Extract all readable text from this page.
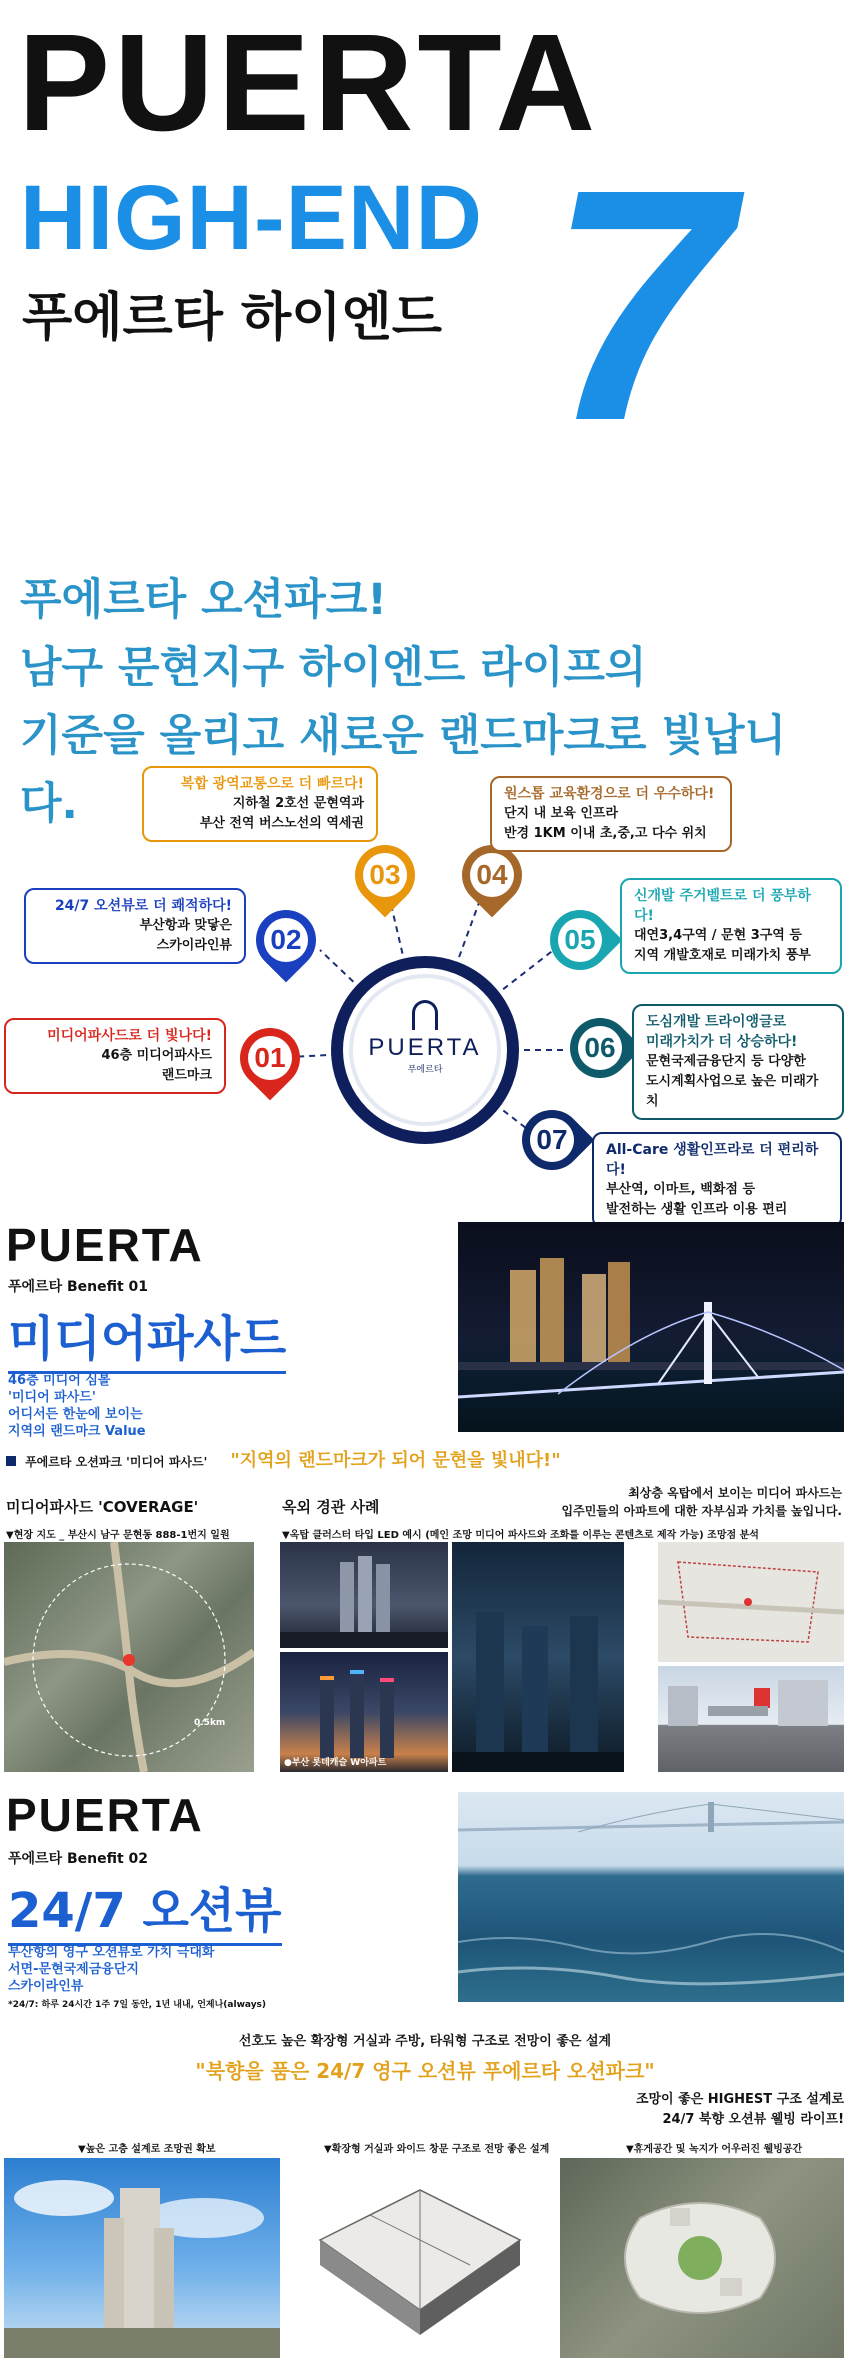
PUERTA
HIGH-END
푸에르타 하이엔드 7
푸에르타 오션파크!
남구 문현지구 하이엔드 라이프의
기준을 올리고 새로운 랜드마크로 빛납니다.
PUERTA
푸에르타
01
02
03	04
05
06
07
미디어파사드로 더 빛나다!
46층 미디어파사드
랜드마크
24/7 오션뷰로 더 쾌적하다!
부산항과 맞닿은
스카이라인뷰
복합 광역교통으로 더 빠르다!
지하철 2호선 문현역과
부산 전역 버스노선의 역세권
원스톱 교육환경으로 더 우수하다!
단지 내 보육 인프라
반경 1KM 이내 초,중,고 다수 위치
신개발 주거벨트로 더 풍부하다!
대연3,4구역 / 문현 3구역 등
지역 개발호재로 미래가치 풍부
도심개발 트라이앵글로
미래가치가 더 상승하다!
문현국제금융단지 등 다양한
도시계획사업으로 높은 미래가치
All-Care 생활인프라로 더 편리하다!
부산역, 이마트, 백화점 등
발전하는 생활 인프라 이용 편리
PUERTA
푸에르타 Benefit 01
미디어파사드
46층 미디어 심볼
'미디어 파사드'
어디서든 한눈에 보이는
지역의 랜드마크 Value
푸에르타 오션파크 '미디어 파사드' "지역의 랜드마크가 되어 문현을 빛내다!"
최상층 옥탑에서 보이는 미디어 파사드는
입주민들의 아파트에 대한 자부심과 가치를 높입니다.
미디어파사드 'COVERAGE'
▼현장 지도 _ 부산시 남구 문현동 888-1번지 일원
0.5km
옥외 경관 사례
▼옥탑 클러스터 타입 LED 예시 (메인 조망 미디어 파사드와 조화를 이루는 콘텐츠로 제작 가능) 조망점 분석
●부산 롯데캐슬 W아파트
PUERTA
푸에르타 Benefit 02
24/7 오션뷰
부산항의 영구 오션뷰로 가치 극대화
서면-문현국제금융단지
스카이라인뷰
*24/7: 하루 24시간 1주 7일 동안, 1년 내내, 언제나(always)
선호도 높은 확장형 거실과 주방, 타워형 구조로 전망이 좋은 설계
"북향을 품은 24/7 영구 오션뷰 푸에르타 오션파크"
조망이 좋은 HIGHEST 구조 설계로
24/7 북향 오션뷰 웰빙 라이프!
▼높은 고층 설계로 조망권 확보	▼확장형 거실과 와이드 창문 구조로 전망 좋은 설계	▼휴게공간 및 녹지가 어우러진 웰빙공간
